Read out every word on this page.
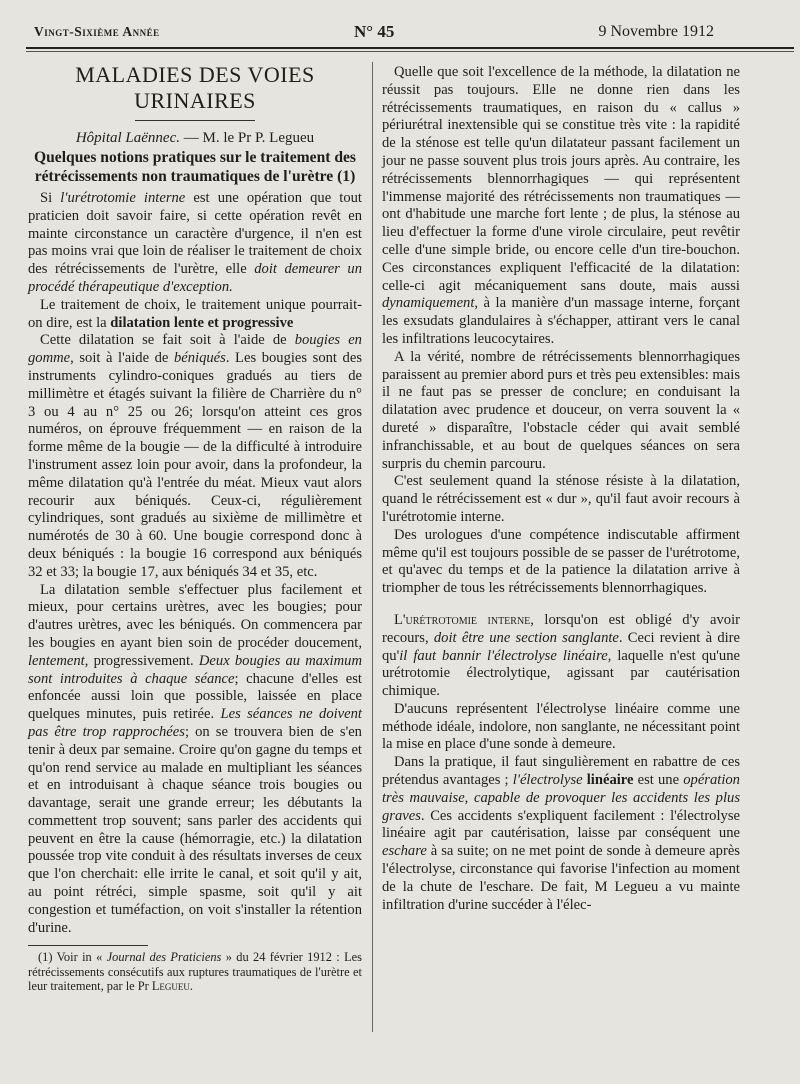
Vingt-Sixième Année	N° 45	9 Novembre 1912
MALADIES DES VOIES URINAIRES
Hôpital Laënnec. — M. le Pr P. Legueu
Quelques notions pratiques sur le traitement des rétrécissements non traumatiques de l'urètre (1)

Si l'urétrotomie interne est une opération que tout praticien doit savoir faire, si cette opération revêt en mainte circonstance un caractère d'urgence, il n'en est pas moins vrai que loin de réaliser le traitement de choix des rétrécissements de l'urètre, elle doit demeurer un procédé thérapeutique d'exception.

Le traitement de choix, le traitement unique pourrait-on dire, est la dilatation lente et progressive

Cette dilatation se fait soit à l'aide de bougies en gomme, soit à l'aide de béniqués. Les bougies sont des instruments cylindro-coniques gradués au tiers de millimètre et étagés suivant la filière de Charrière du n° 3 ou 4 au n° 25 ou 26; lorsqu'on atteint ces gros numéros, on éprouve fréquemment — en raison de la forme même de la bougie — de la difficulté à introduire l'instrument assez loin pour avoir, dans la profondeur, la même dilatation qu'à l'entrée du méat. Mieux vaut alors recourir aux béniqués. Ceux-ci, régulièrement cylindriques, sont gradués au sixième de millimètre et numérotés de 30 à 60. Une bougie correspond donc à deux béniqués : la bougie 16 correspond aux béniqués 32 et 33; la bougie 17, aux béniqués 34 et 35, etc.

La dilatation semble s'effectuer plus facilement et mieux, pour certains urètres, avec les bougies; pour d'autres urètres, avec les béniqués. On commencera par les bougies en ayant bien soin de procéder doucement, lentement, progressivement. Deux bougies au maximum sont introduites à chaque séance; chacune d'elles est enfoncée aussi loin que possible, laissée en place quelques minutes, puis retirée. Les séances ne doivent pas être trop rapprochées; on se trouvera bien de s'en tenir à deux par semaine. Croire qu'on gagne du temps et qu'on rend service au malade en multipliant les séances et en introduisant à chaque séance trois bougies ou davantage, serait une grande erreur; les débutants la commettent trop souvent; sans parler des accidents qui peuvent en être la cause (hémorragie, etc.) la dilatation poussée trop vite conduit à des résultats inverses de ceux que l'on cherchait: elle irrite le canal, et soit qu'il y ait, au point rétréci, simple spasme, soit qu'il y ait congestion et tuméfaction, on voit s'installer la rétention d'urine.

(1) Voir in « Journal des Praticiens » du 24 février 1912 : Les rétrécissements consécutifs aux ruptures traumatiques de l'urètre et leur traitement, par le Pr Legueu.

Quelle que soit l'excellence de la méthode, la dilatation ne réussit pas toujours. Elle ne donne rien dans les rétrécissements traumatiques, en raison du « callus » périurétral inextensible qui se constitue très vite : la rapidité de la sténose est telle qu'un dilatateur passant facilement un jour ne passe souvent plus trois jours après. Au contraire, les rétrécissements blennorrhagiques — qui représentent l'immense majorité des rétrécissements non traumatiques — ont d'habitude une marche fort lente ; de plus, la sténose au lieu d'effectuer la forme d'une virole circulaire, peut revêtir celle d'une simple bride, ou encore celle d'un tire-bouchon. Ces circonstances expliquent l'efficacité de la dilatation: celle-ci agit mécaniquement sans doute, mais aussi dynamiquement, à la manière d'un massage interne, forçant les exsudats glandulaires à s'échapper, attirant vers le canal les infiltrations leucocytaires.

A la vérité, nombre de rétrécissements blennorrhagiques paraissent au premier abord purs et très peu extensibles: mais il ne faut pas se presser de conclure; en conduisant la dilatation avec prudence et douceur, on verra souvent la « dureté » disparaître, l'obstacle céder qui avait semblé infranchissable, et au bout de quelques séances on sera surpris du chemin parcouru.

C'est seulement quand la sténose résiste à la dilatation, quand le rétrécissement est « dur », qu'il faut avoir recours à l'urétrotomie interne.

Des urologues d'une compétence indiscutable affirment même qu'il est toujours possible de se passer de l'urétrotome, et qu'avec du temps et de la patience la dilatation arrive à triompher de tous les rétrécissements blennorrhagiques.

L'urétrotomie interne, lorsqu'on est obligé d'y avoir recours, doit être une section sanglante. Ceci revient à dire qu'il faut bannir l'électrolyse linéaire, laquelle n'est qu'une urétrotomie électrolytique, agissant par cautérisation chimique.

D'aucuns représentent l'électrolyse linéaire comme une méthode idéale, indolore, non sanglante, ne nécessitant point la mise en place d'une sonde à demeure.

Dans la pratique, il faut singulièrement en rabattre de ces prétendus avantages ; l'électrolyse linéaire est une opération très mauvaise, capable de provoquer les accidents les plus graves. Ces accidents s'expliquent facilement : l'électrolyse linéaire agit par cautérisation, laisse par conséquent une eschare à sa suite; on ne met point de sonde à demeure après l'électrolyse, circonstance qui favorise l'infection au moment de la chute de l'eschare. De fait, M Legueu a vu mainte infiltration d'urine succéder à l'élec-
